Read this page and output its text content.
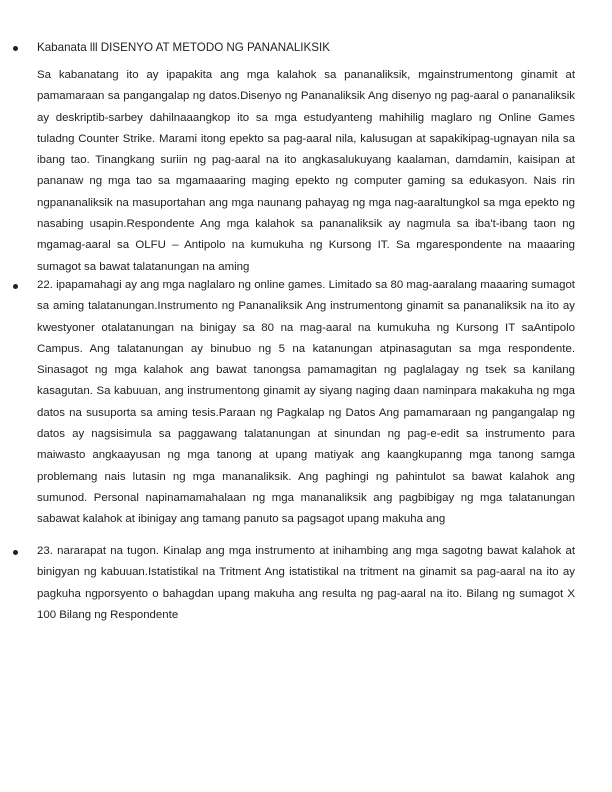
Kabanata lll DISENYO AT METODO NG PANANALIKSIK

Sa kabanatang ito ay ipapakita ang mga kalahok sa pananaliksik, mgainstrumentong ginamit at pamamaraan sa pangangalap ng datos.Disenyo ng Pananaliksik Ang disenyo ng pag-aaral o pananaliksik ay deskriptib-sarbey dahilnaaangkop ito sa mga estudyanteng mahihilig maglaro ng Online Games tuladng Counter Strike. Marami itong epekto sa pag-aaral nila, kalusugan at sapakikipag-ugnayan nila sa ibang tao. Tinangkang suriin ng pag-aaral na ito angkasalukuyang kaalaman, damdamin, kaisipan at pananaw ng mga tao sa mgamaaaring maging epekto ng computer gaming sa edukasyon. Nais rin ngpananaliksik na masuportahan ang mga naunang pahayag ng mga nag-aaraltungkol sa mga epekto ng nasabing usapin.Respondente Ang mga kalahok sa pananaliksik ay nagmula sa iba't-ibang taon ng mgamag-aaral sa OLFU – Antipolo na kumukuha ng Kursong IT. Sa mgarespondente na maaaring sumagot sa bawat talatanungan na aming

22. ipapamahagi ay ang mga naglalaro ng online games. Limitado sa 80 mag-aaralang maaaring sumagot sa aming talatanungan.Instrumento ng Pananaliksik Ang instrumentong ginamit sa pananaliksik na ito ay kwestyoner otalatanungan na binigay sa 80 na mag-aaral na kumukuha ng Kursong IT saAntipolo Campus. Ang talatanungan ay binubuo ng 5 na katanungan atpinasagutan sa mga respondente. Sinasagot ng mga kalahok ang bawat tanongsa pamamagitan ng paglalagay ng tsek sa kanilang kasagutan. Sa kabuuan, ang instrumentong ginamit ay siyang naging daan naminpara makakuha ng mga datos na susuporta sa aming tesis.Paraan ng Pagkalap ng Datos Ang pamamaraan ng pangangalap ng datos ay nagsisimula sa paggawang talatanungan at sinundan ng pag-e-edit sa instrumento para maiwasto angkaayusan ng mga tanong at upang matiyak ang kaangkupanng mga tanong samga problemang nais lutasin ng mga mananaliksik. Ang paghingi ng pahintulot sa bawat kalahok ang sumunod. Personal napinamamahalaan ng mga mananaliksik ang pagbibigay ng mga talatanungan sabawat kalahok at ibinigay ang tamang panuto sa pagsagot upang makuha ang

23. nararapat na tugon. Kinalap ang mga instrumento at inihambing ang mga sagotng bawat kalahok at binigyan ng kabuuan.Istatistikal na Tritment Ang istatistikal na tritment na ginamit sa pag-aaral na ito ay pagkuha ngporsyento o bahagdan upang makuha ang resulta ng pag-aaral na ito. Bilang ng sumagot X 100 Bilang ng Respondente
